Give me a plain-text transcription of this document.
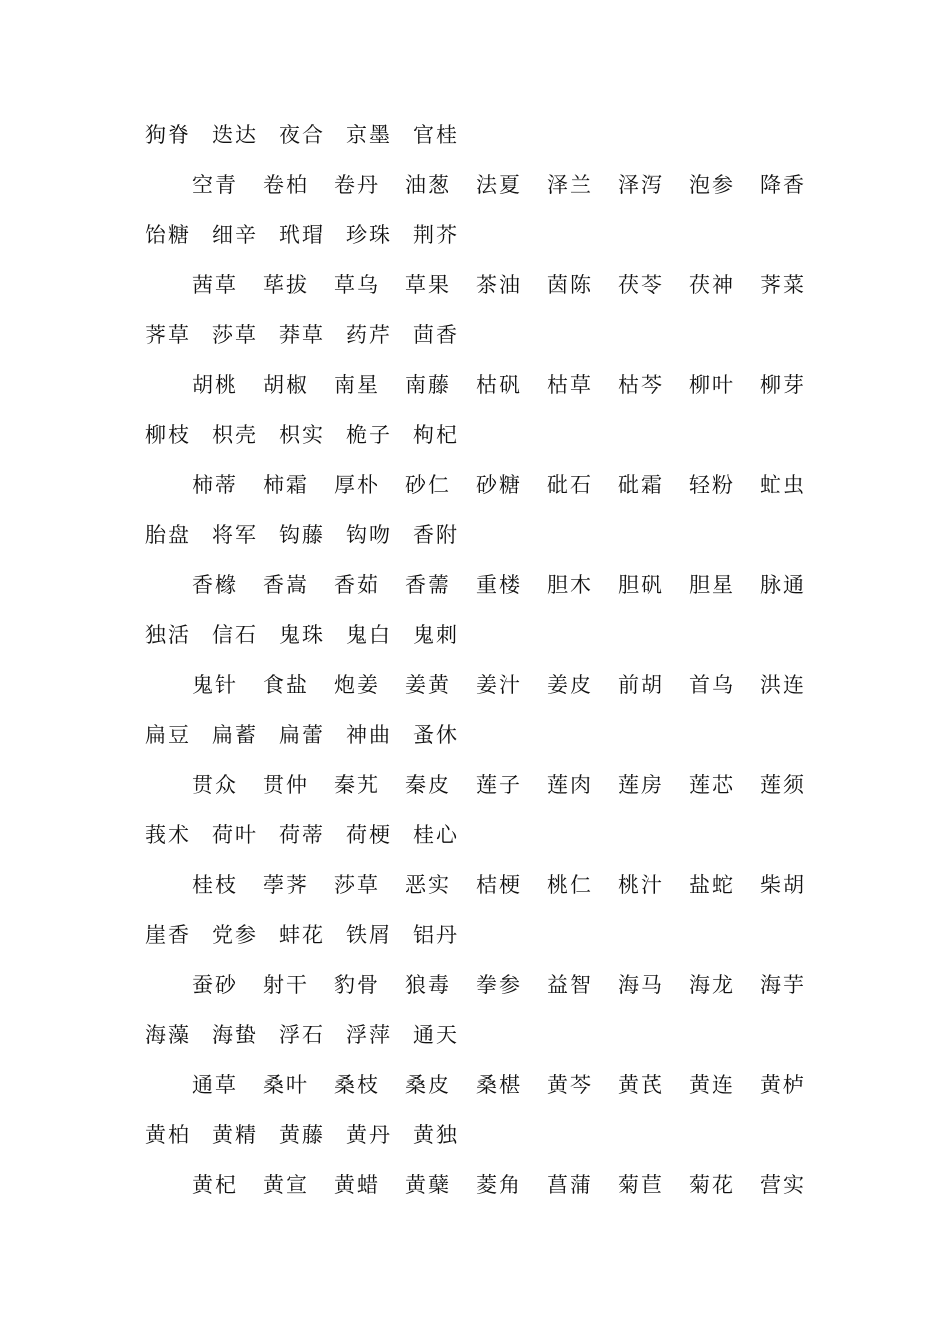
狗脊 迭达 夜合 京墨 官桂
空青 卷柏 卷丹 油葱 法夏 泽兰 泽泻 泡参 降香
饴糖 细辛 玳瑁 珍珠 荆芥
茜草 荜拔 草乌 草果 茶油 茵陈 茯苓 茯神 荠菜
荠草 莎草 莽草 药芹 茴香
胡桃 胡椒 南星 南藤 枯矾 枯草 枯芩 柳叶 柳芽
柳枝 枳壳 枳实 桅子 枸杞
柿蒂 柿霜 厚朴 砂仁 砂糖 砒石 砒霜 轻粉 虻虫
胎盘 将军 钩藤 钩吻 香附
香橼 香嵩 香茹 香薷 重楼 胆木 胆矾 胆星 脉通
独活 信石 鬼珠 鬼白 鬼刺
鬼针 食盐 炮姜 姜黄 姜汁 姜皮 前胡 首乌 洪连
扁豆 扁蓄 扁蕾 神曲 蚤休
贯众 贯仲 秦艽 秦皮 莲子 莲肉 莲房 莲芯 莲须
莪术 荷叶 荷蒂 荷梗 桂心
桂枝 荸荠 莎草 恶实 桔梗 桃仁 桃汁 盐蛇 柴胡
崖香 党参 蚌花 铁屑 铝丹
蚕砂 射干 豹骨 狼毒 拳参 益智 海马 海龙 海芋
海藻 海蛰 浮石 浮萍 通天
通草 桑叶 桑枝 桑皮 桑椹 黄芩 黄芪 黄连 黄栌
黄柏 黄精 黄藤 黄丹 黄独
黄杞 黄宣 黄蜡 黄蘖 菱角 菖蒲 菊苣 菊花 营实
